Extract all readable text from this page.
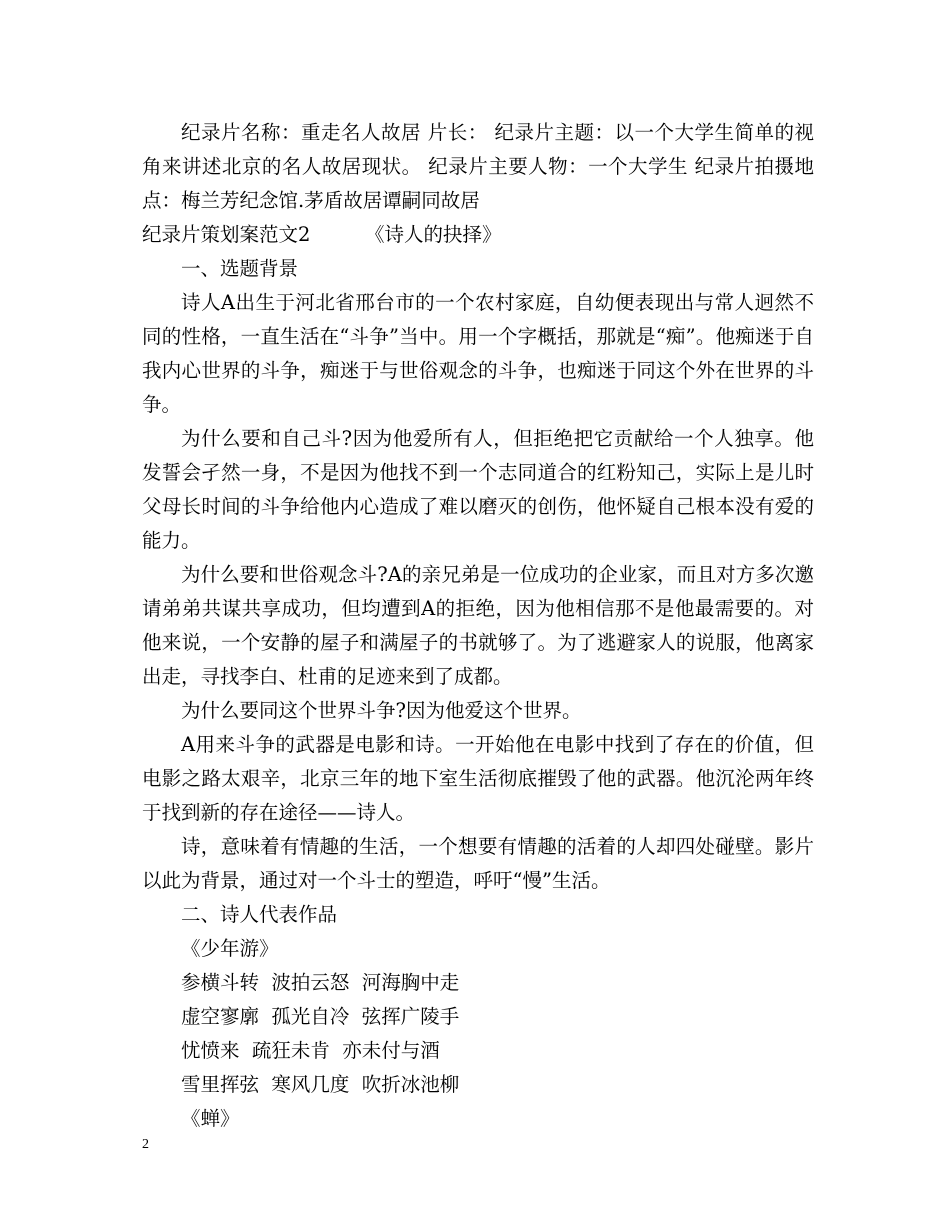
纪录片名称：重走名人故居 片长： 纪录片主题：以一个大学生简单的视角来讲述北京的名人故居现状。 纪录片主要人物：一个大学生 纪录片拍摄地点：梅兰芳纪念馆.茅盾故居谭嗣同故居

纪录片策划案范文2	《诗人的抉择》

一、选题背景

诗人A出生于河北省邢台市的一个农村家庭，自幼便表现出与常人迥然不同的性格，一直生活在“斗争”当中。用一个字概括，那就是“痴”。他痴迷于自我内心世界的斗争，痴迷于与世俗观念的斗争，也痴迷于同这个外在世界的斗争。

为什么要和自己斗?因为他爱所有人，但拒绝把它贡献给一个人独享。他发誓会孑然一身，不是因为他找不到一个志同道合的红粉知己，实际上是儿时父母长时间的斗争给他内心造成了难以磨灭的创伤，他怀疑自己根本没有爱的能力。

为什么要和世俗观念斗?A的亲兄弟是一位成功的企业家，而且对方多次邀请弟弟共谋共享成功，但均遭到A的拒绝，因为他相信那不是他最需要的。对他来说，一个安静的屋子和满屋子的书就够了。为了逃避家人的说服，他离家出走，寻找李白、杜甫的足迹来到了成都。

为什么要同这个世界斗争?因为他爱这个世界。

A用来斗争的武器是电影和诗。一开始他在电影中找到了存在的价值，但电影之路太艰辛，北京三年的地下室生活彻底摧毁了他的武器。他沉沦两年终于找到新的存在途径——诗人。

诗，意味着有情趣的生活，一个想要有情趣的活着的人却四处碰壁。影片以此为背景，通过对一个斗士的塑造，呼吁“慢”生活。

二、诗人代表作品

《少年游》

参横斗转  波拍云怒  河海胸中走

虚空寥廓  孤光自冷  弦挥广陵手

忧愤来  疏狂未肯  亦未付与酒

雪里挥弦  寒风几度  吹折冰池柳

《蝉》

2
